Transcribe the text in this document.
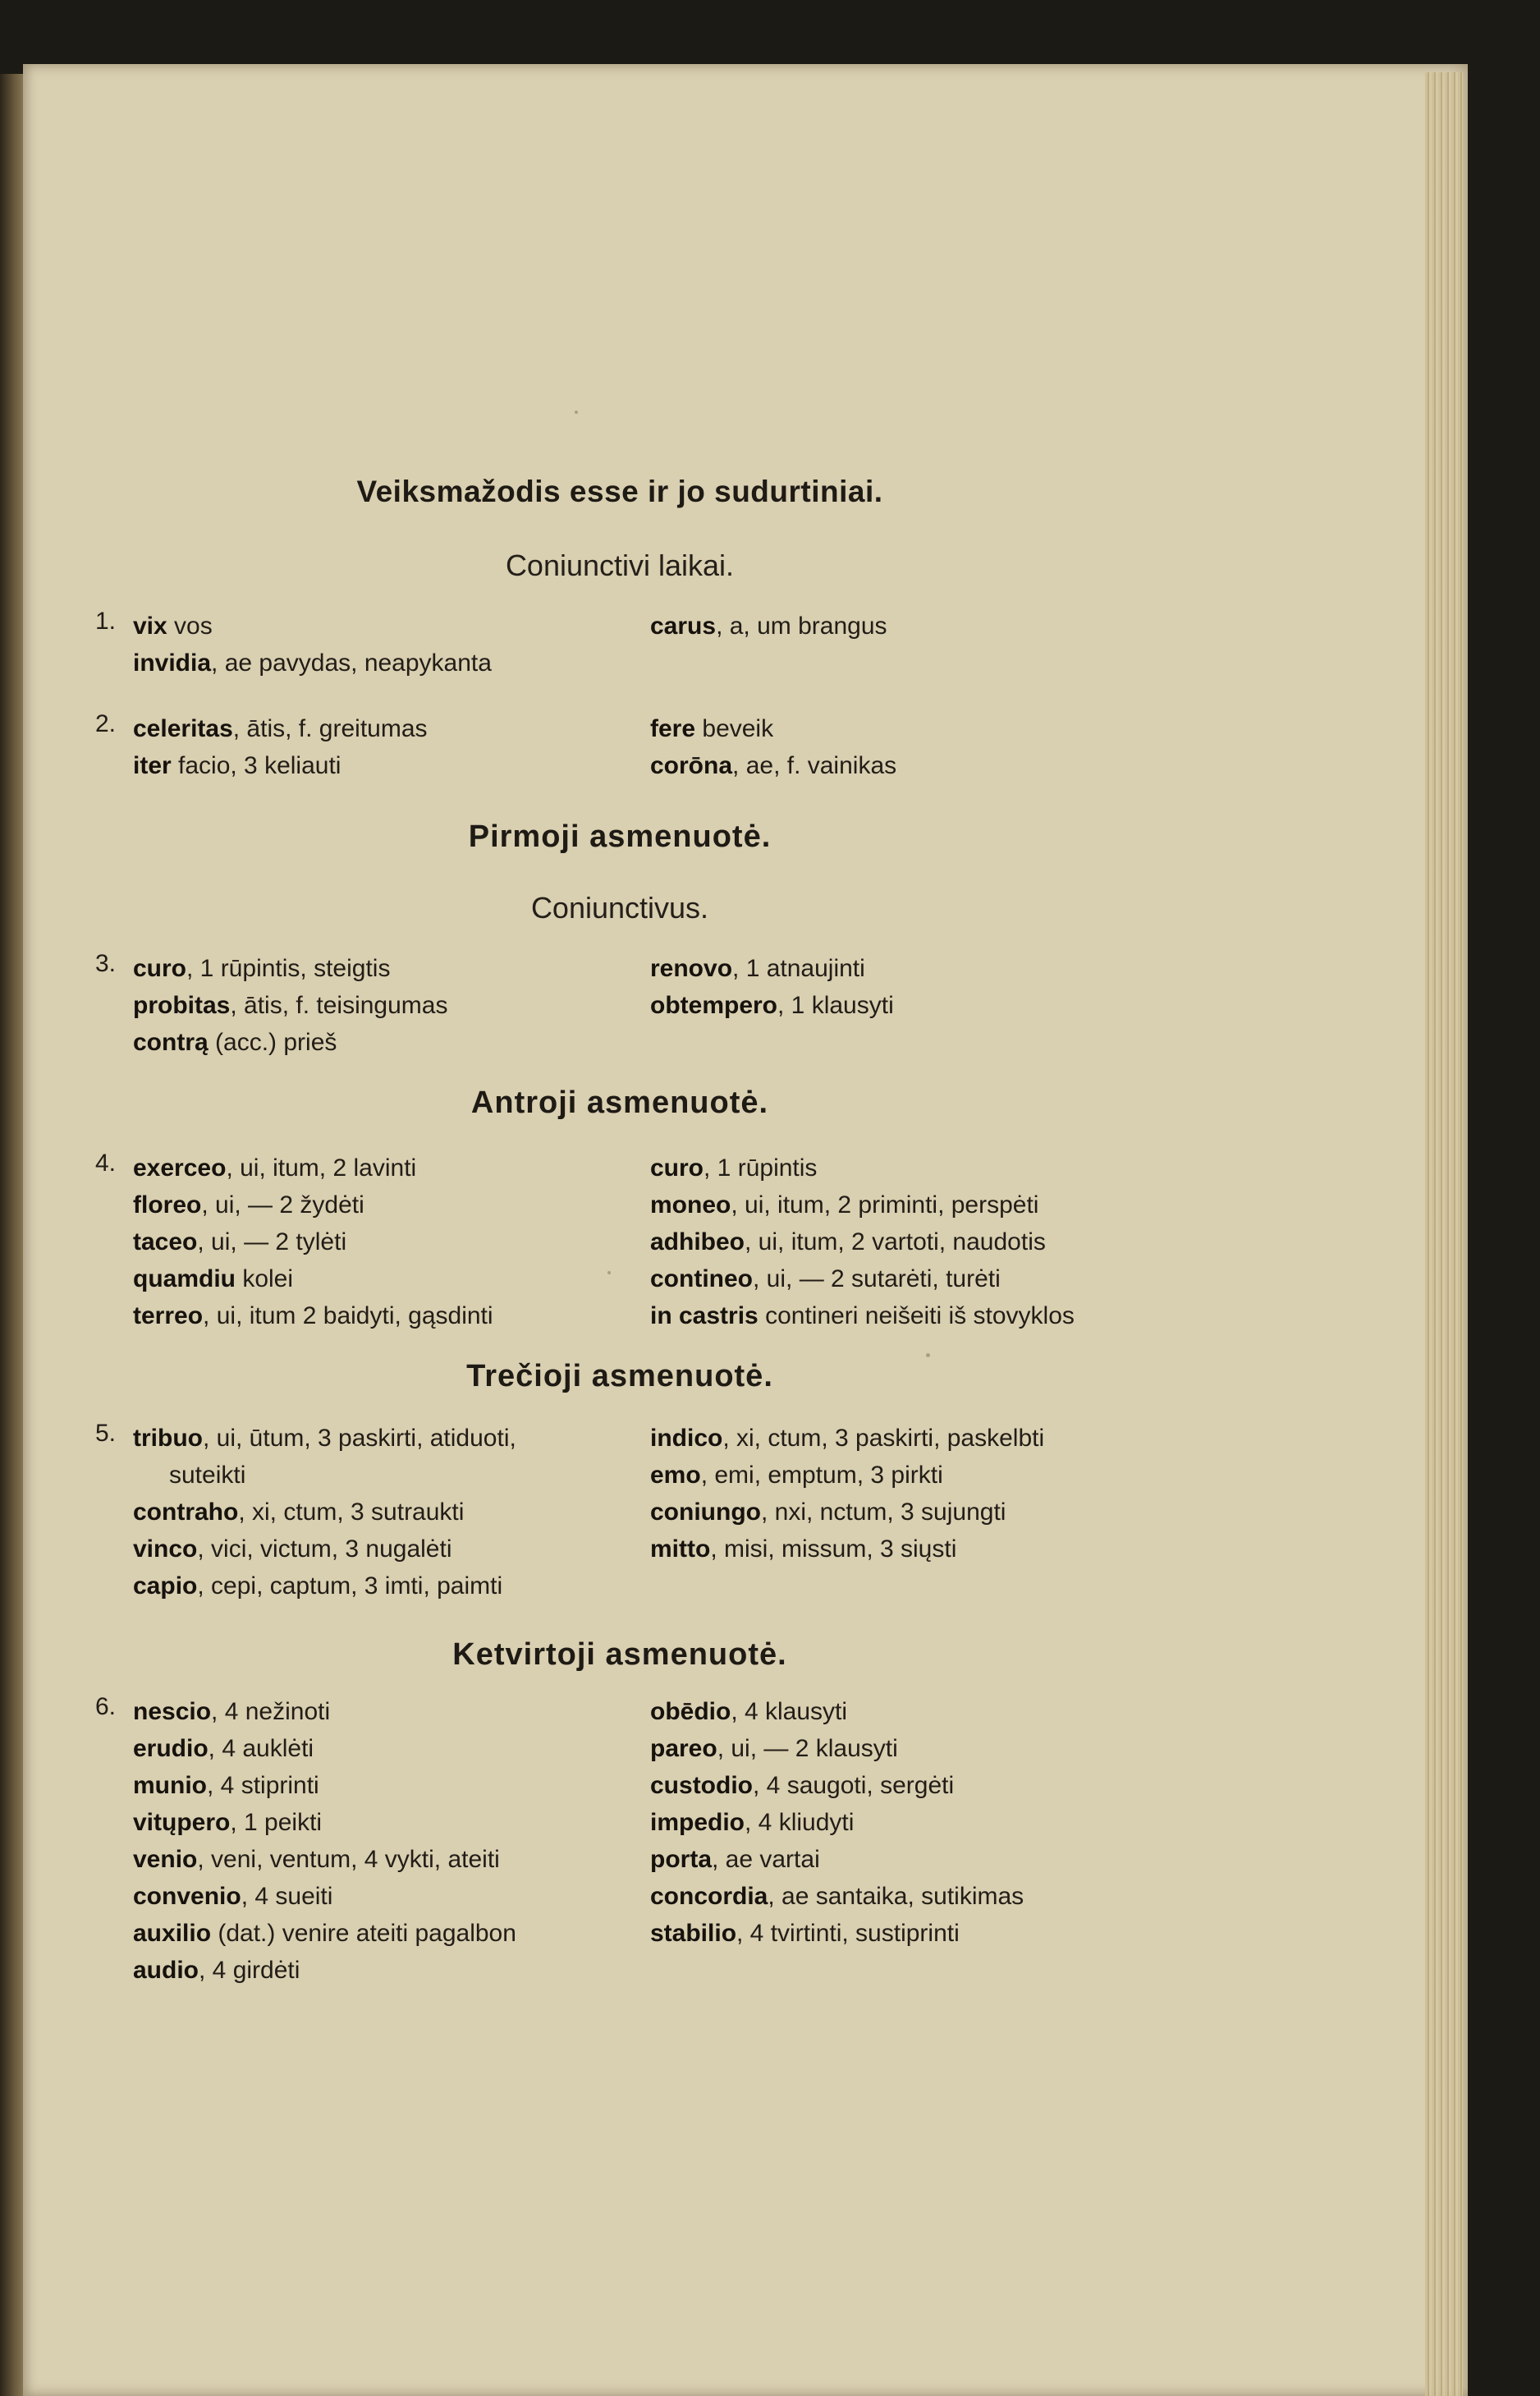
Veiksmažodis esse ir jo sudurtiniai.
Coniunctivi laikai.
1. vix vos
invidia, ae pavydas, neapykanta
carus, a, um brangus
2. celeritas, ātis, f. greitumas
iter facio, 3 keliauti
fere beveik
corōna, ae, f. vainikas
Pirmoji asmenuotė.
Coniunctivus.
3. curo, 1 rūpintis, steigtis
probitas, ātis, f. teisingumas
contrą (acc.) prieš
renovo, 1 atnaujinti
obtempero, 1 klausyti
Antroji asmenuotė.
4. exerceo, ui, itum, 2 lavinti
floreo, ui, — 2 žydėti
taceo, ui, — 2 tylėti
quamdiu kolei
terreo, ui, itum 2 baidyti, gąsdinti
curo, 1 rūpintis
moneo, ui, itum, 2 priminti, perspėti
adhibeo, ui, itum, 2 vartoti, naudotis
contineo, ui, — 2 sutarėti, turėti
in castris contineri neišeiti iš stovyklos
Trečioji asmenuotė.
5. tribuo, ui, ūtum, 3 paskirti, atiduoti,
suteikti
contraho, xi, ctum, 3 sutraukti
vinco, vici, victum, 3 nugalėti
capio, cepi, captum, 3 imti, paimti
indico, xi, ctum, 3 paskirti, paskelbti
emo, emi, emptum, 3 pirkti
coniungo, nxi, nctum, 3 sujungti
mitto, misi, missum, 3 siųsti
Ketvirtoji asmenuotė.
6. nescio, 4 nežinoti
erudio, 4 auklėti
munio, 4 stiprinti
vitųpero, 1 peikti
venio, veni, ventum, 4 vykti, ateiti
convenio, 4 sueiti
auxilio (dat.) venire ateiti pagalbon
audio, 4 girdėti
obēdio, 4 klausyti
pareo, ui, — 2 klausyti
custodio, 4 saugoti, sergėti
impedio, 4 kliudyti
porta, ae vartai
concordia, ae santaika, sutikimas
stabilio, 4 tvirtinti, sustiprinti
